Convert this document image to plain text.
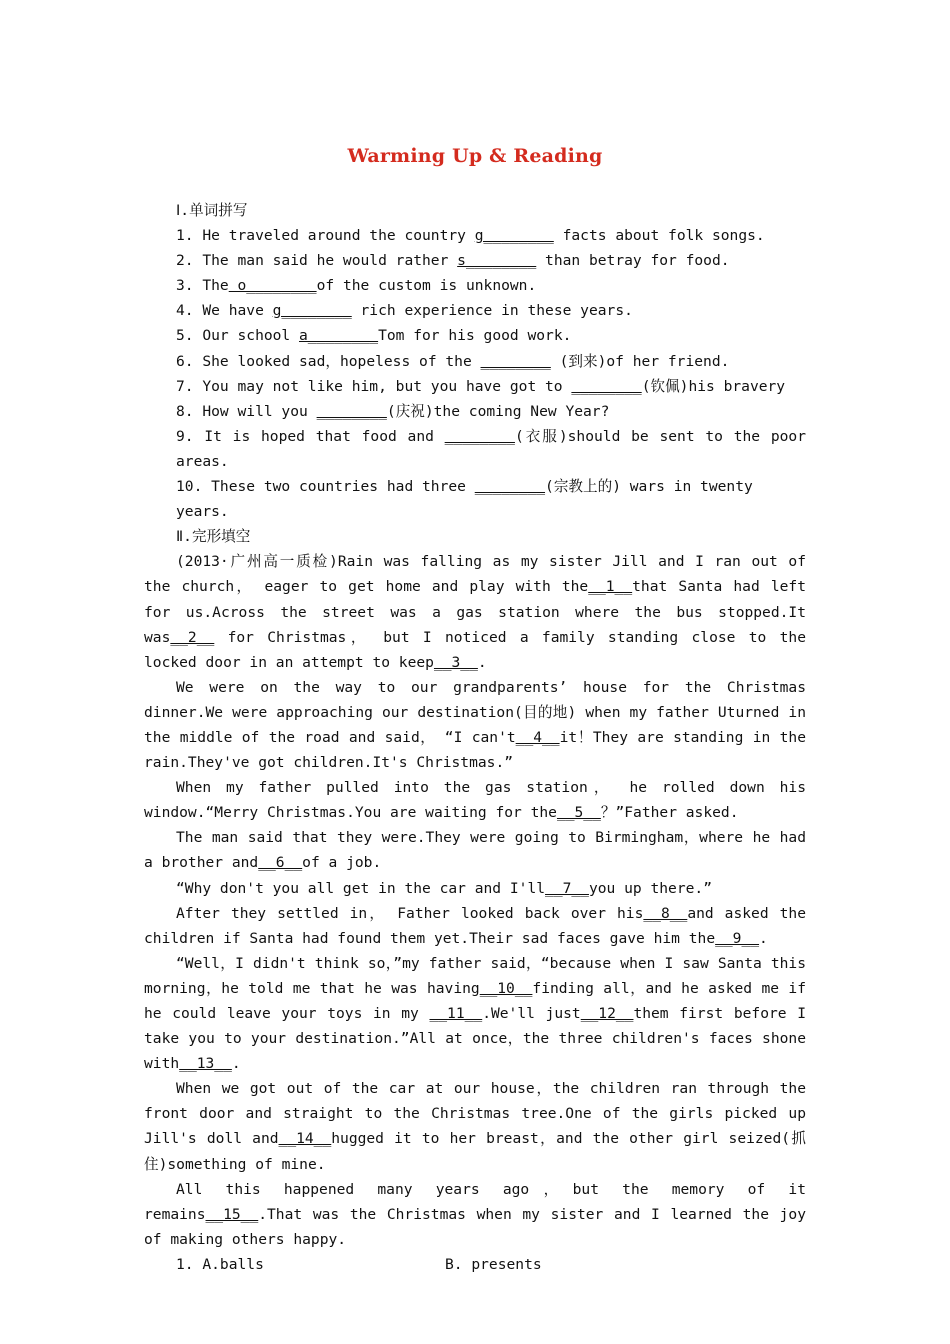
Warming Up & Reading

Ⅰ.单词拼写

1. He traveled around the country g________ facts about folk songs.

2. The man said he would rather s________ than betray for food.

3. The o________of the custom is unknown.

4. We have g________ rich experience in these years.

5. Our school a________Tom for his good work.

6. She looked sad，hopeless of the ________ (到来)of her friend.

7. You may not like him, but you have got to ________(钦佩)his bravery

8. How will you ________(庆祝)the coming New Year?

9. It is hoped that food and ________(衣服)should be sent to the poor areas.

10. These two countries had three ________(宗教上的) wars in twenty years.

Ⅱ.完形填空

(2013·广州高一质检)Rain was falling as my sister Jill and I ran out of the church， eager to get home and play with the__1__that Santa had left for us.Across the street was a gas station where the bus stopped.It was__2__ for Christmas， but I noticed a family standing close to the locked door in an attempt to keep__3__.

We were on the way to our grandparents’ house for the Christmas dinner.We were approaching our destination(目的地) when my father Uturned in the middle of the road and said， “I can't__4__it！They are standing in the rain.They've got children.It's Christmas.”

When my father pulled into the gas station， he rolled down his window.“Merry Christmas.You are waiting for the__5__？”Father asked.

The man said that they were.They were going to Birmingham，where he had a brother and__6__of a job.

“Why don't you all get in the car and I'll__7__you up there.”

After they settled in， Father looked back over his__8__and asked the children if Santa had found them yet.Their sad faces gave him the__9__.

“Well，I didn't think so，”my father said，“because when I saw Santa this morning，he told me that he was having__10__finding all，and he asked me if he could leave your toys in my __11__.We'll just__12__them first before I take you to your destination.”All at once，the three children's faces shone with__13__.

When we got out of the car at our house，the children ran through the front door and straight to the Christmas tree.One of the girls picked up Jill's doll and__14__hugged it to her breast，and the other girl seized(抓住)something of mine.

All this happened many years ago，but the memory of it remains__15__.That was the Christmas when my sister and I learned the joy of making others happy.

1. A.balls	B. presents
